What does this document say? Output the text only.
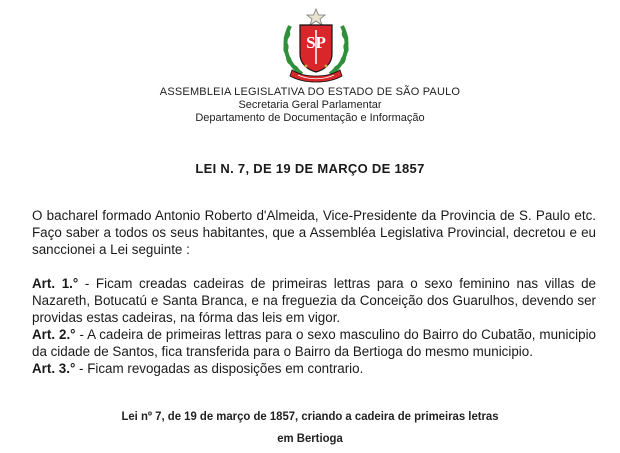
SP
ASSEMBLEIA LEGISLATIVA DO ESTADO DE SÃO PAULO
Secretaria Geral Parlamentar
Departamento de Documentação e Informação
LEI N. 7, DE 19 DE MARÇO DE 1857

O bacharel formado Antonio Roberto d'Almeida, Vice-Presidente da Provincia de S. Paulo etc. Faço saber a todos os seus habitantes, que a Assembléa Legislativa Provincial, decretou e eu sanccionei a Lei seguinte :

Art. 1.° - Ficam creadas cadeiras de primeiras lettras para o sexo feminino nas villas de Nazareth, Botucatú e Santa Branca, e na freguezia da Conceição dos Guarulhos, devendo ser providas estas cadeiras, na fórma das leis em vigor.

Art. 2.° - A cadeira de primeiras lettras para o sexo masculino do Bairro do Cubatão, municipio da cidade de Santos, fica transferida para o Bairro da Bertioga do mesmo municipio.

Art. 3.° - Ficam revogadas as disposições em contrario.

Lei nº 7, de 19 de março de 1857, criando a cadeira de primeiras letras
em Bertioga
